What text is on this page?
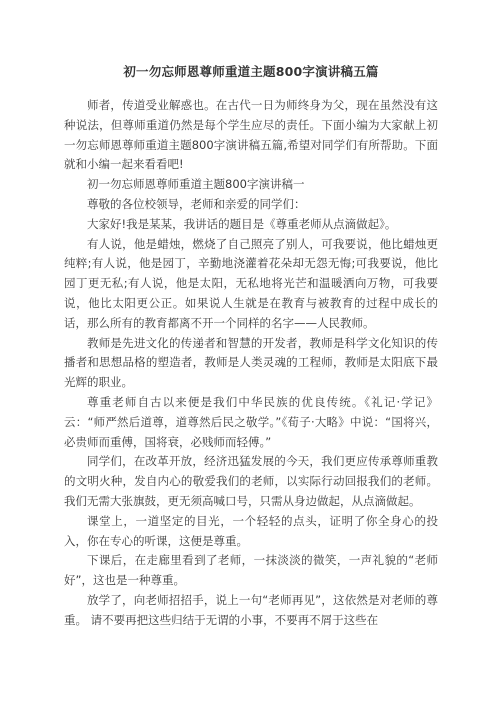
初一勿忘师恩尊师重道主题800字演讲稿五篇

师者，传道受业解惑也。在古代一日为师终身为父，现在虽然没有这种说法，但尊师重道仍然是每个学生应尽的责任。下面小编为大家献上初一勿忘师恩尊师重道主题800字演讲稿五篇,希望对同学们有所帮助。下面就和小编一起来看看吧!

初一勿忘师恩尊师重道主题800字演讲稿一

尊敬的各位校领导，老师和亲爱的同学们：

大家好!我是某某，我讲话的题目是《尊重老师从点滴做起》。

有人说，他是蜡烛，燃烧了自己照亮了别人，可我要说，他比蜡烛更纯粹;有人说，他是园丁，辛勤地浇灌着花朵却无怨无悔;可我要说，他比园丁更无私;有人说，他是太阳，无私地将光芒和温暖洒向万物，可我要说，他比太阳更公正。如果说人生就是在教育与被教育的过程中成长的话，那么所有的教育都离不开一个同样的名字——人民教师。

教师是先进文化的传递者和智慧的开发者，教师是科学文化知识的传播者和思想品格的塑造者，教师是人类灵魂的工程师，教师是太阳底下最光辉的职业。

尊重老师自古以来便是我们中华民族的优良传统。《礼记·学记》云：“师严然后道尊，道尊然后民之敬学。”《荀子·大略》中说：“国将兴，必贵师而重傅，国将衰，必贱师而轻傅。”

同学们，在改革开放，经济迅猛发展的今天，我们更应传承尊师重教的文明火种，发自内心的敬爱我们的老师，以实际行动回报我们的老师。我们无需大张旗鼓，更无须高喊口号，只需从身边做起，从点滴做起。

课堂上，一道坚定的目光，一个轻轻的点头，证明了你全身心的投入，你在专心的听课，这便是尊重。

下课后，在走廊里看到了老师，一抹淡淡的微笑，一声礼貌的“老师好”，这也是一种尊重。

放学了，向老师招招手，说上一句“老师再见”，这依然是对老师的尊重。 请不要再把这些归结于无谓的小事，不要再不屑于这些在
